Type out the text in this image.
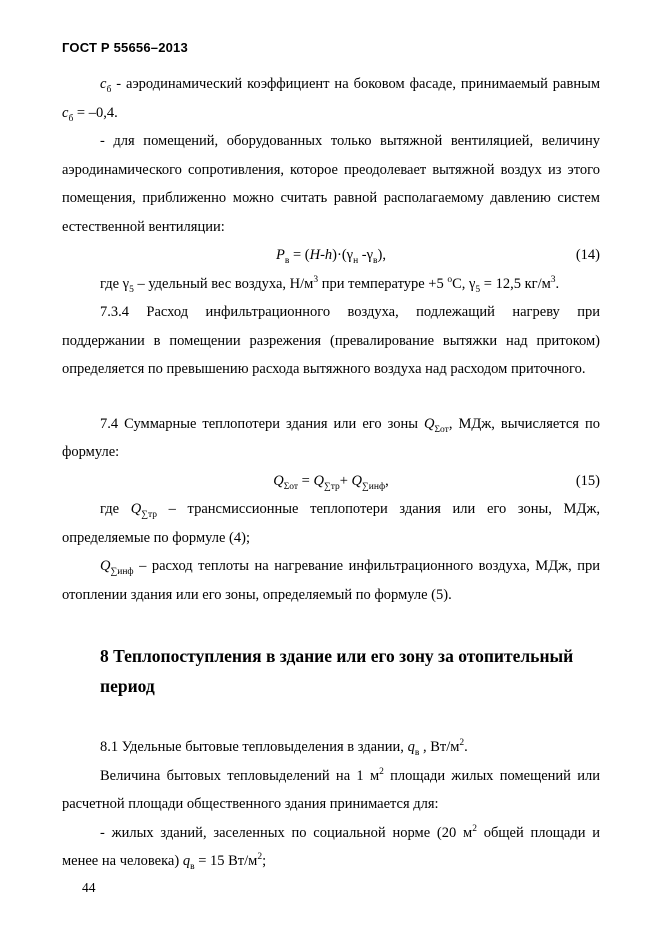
ГОСТ Р 55656–2013

$c_б$ - аэродинамический коэффициент на боковом фасаде, принимаемый равным $c_б = -0,4$.

- для помещений, оборудованных только вытяжной вентиляцией, величину аэродинамического сопротивления, которое преодолевает вытяжной воздух из этого помещения, приближенно можно считать равной располагаемому давлению систем естественной вентиляции:

$P_в = (H-h)\cdot(\gamma_н$ $-\gamma_в$),	(14)

где $\gamma_5$ – удельный вес воздуха, $Н/м^3$ при температуре +5 $^о$С, $\gamma_5 = 12,5$ $кг/м^3$.

7.3.4 Расход инфильтрационного воздуха, подлежащий нагреву при поддержании в помещении разрежения (превалирование вытяжки над притоком) определяется по превышению расхода вытяжного воздуха над расходом приточного.

7.4 Суммарные теплопотери здания или его зоны $Q_{\Sigma от}$, МДж, вычисляется по формуле:

$Q_{\Sigma от} = Q_{\sum тр}+ Q_{\sum инф}$,	(15)

где $Q_{\sum тр}$ – трансмиссионные теплопотери здания или его зоны, МДж, определяемые по формуле (4);

$Q_{\sum инф}$ – расход теплоты на нагревание инфильтрационного воздуха, МДж, при отоплении здания или его зоны, определяемый по формуле (5).

8 Теплопоступления в здание или его зону за отопительный период

8.1 Удельные бытовые тепловыделения в здании, $q_в$ , $Вт/м^2$.

Величина бытовых тепловыделений на 1 $м^2$ площади жилых помещений или расчетной площади общественного здания принимается для:

- жилых зданий, заселенных по социальной норме (20 $м^2$ общей площади и менее на человека) $q_в = 15$ $Вт/м^2$;

44
